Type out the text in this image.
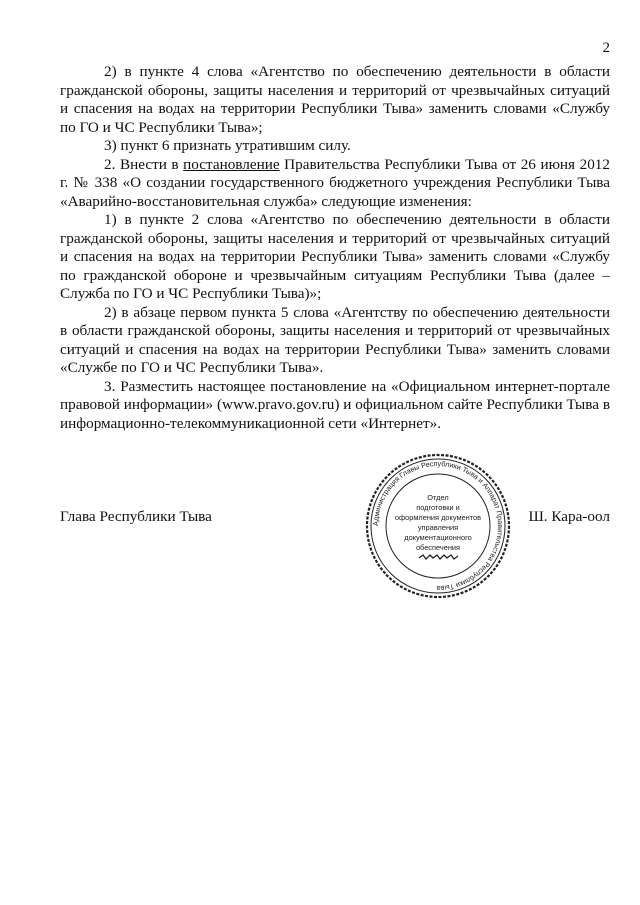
2

2) в пункте 4 слова «Агентство по обеспечению деятельности в области гражданской обороны, защиты населения и территорий от чрезвычайных ситуаций и спасения на водах на территории Республики Тыва» заменить словами «Службу по ГО и ЧС Республики Тыва»;

3) пункт 6 признать утратившим силу.

2. Внести в постановление Правительства Республики Тыва от 26 июня 2012 г. № 338 «О создании государственного бюджетного учреждения Республики Тыва «Аварийно-восстановительная служба» следующие изменения:

1) в пункте 2 слова «Агентство по обеспечению деятельности в области гражданской обороны, защиты населения и территорий от чрезвычайных ситуаций и спасения на водах на территории Республики Тыва» заменить словами «Службу по гражданской обороне и чрезвычайным ситуациям Республики Тыва (далее – Служба по ГО и ЧС Республики Тыва)»;

2) в абзаце первом пункта 5 слова «Агентству по обеспечению деятельности в области гражданской обороны, защиты населения и территорий от чрезвычайных ситуаций и спасения на водах на территории Республики Тыва» заменить словами «Службе по ГО и ЧС Республики Тыва».

3. Разместить настоящее постановление на «Официальном интернет-портале правовой информации» (www.pravo.gov.ru) и официальном сайте Республики Тыва в информационно-телекоммуникационной сети «Интернет».

Глава Республики Тыва	Ш. Кара-оол
Администрация Главы Республики Тыва и Аппарат Правительства Республики Тыва
Отдел
подготовки и
оформления документов
управления
документационного
обеспечения
